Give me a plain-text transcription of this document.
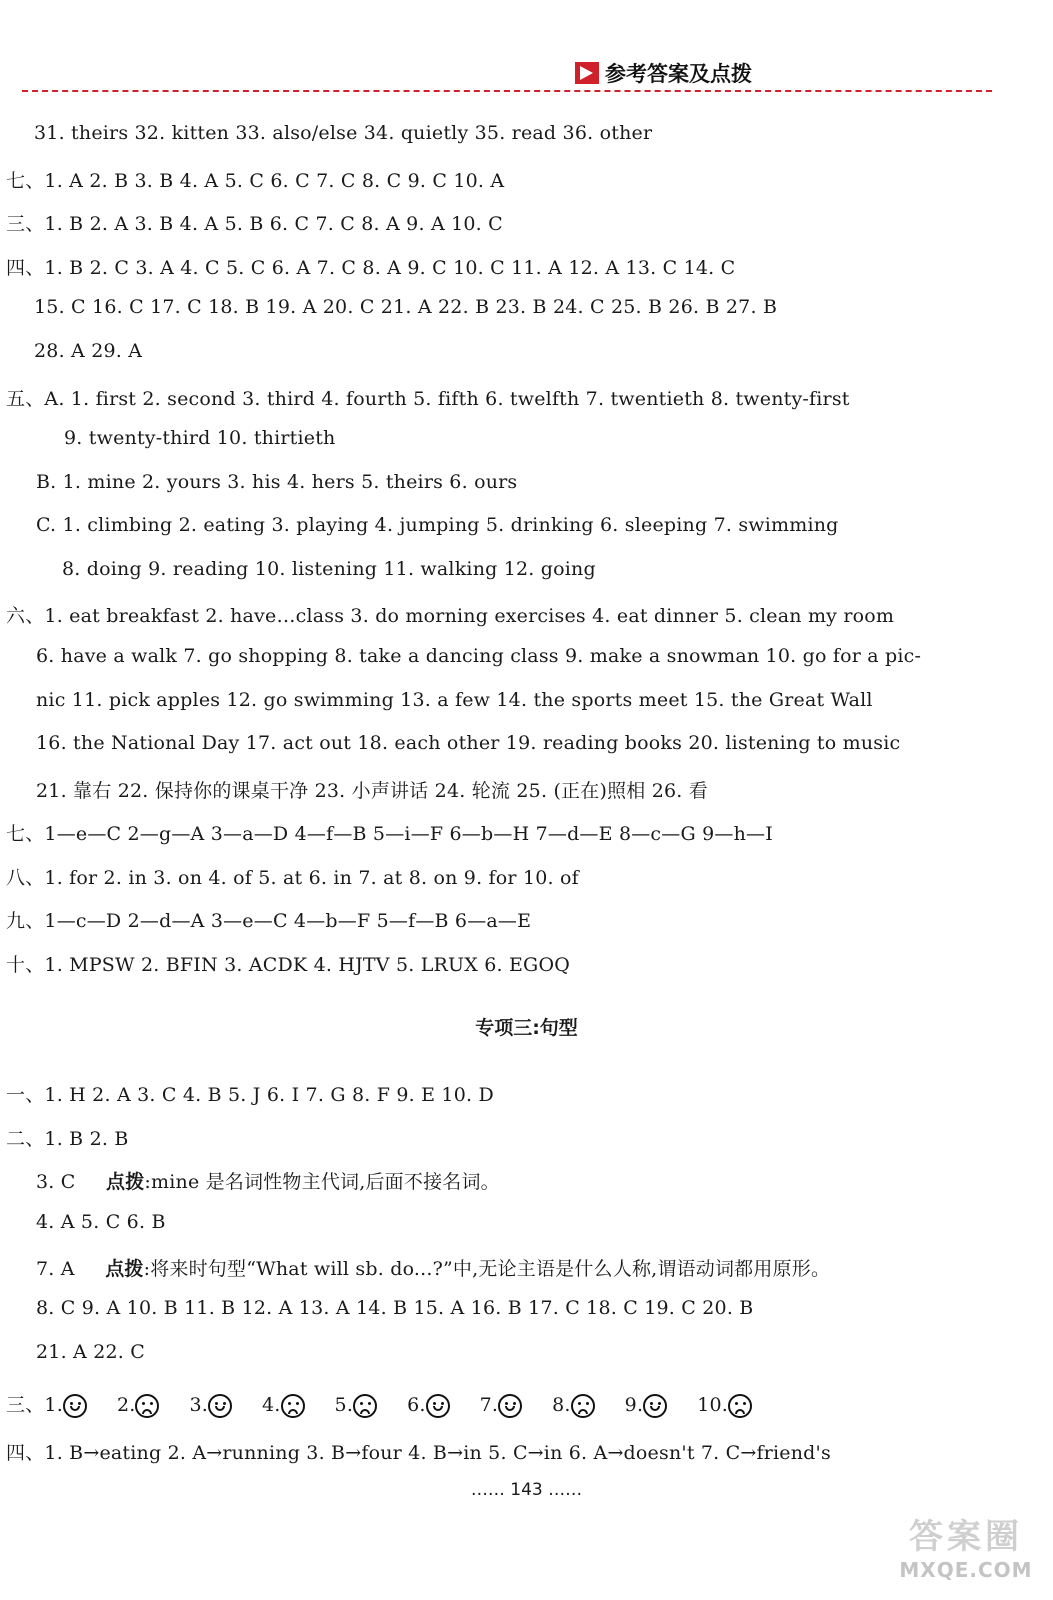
参考答案及点拨
31. theirs 32. kitten 33. also/else 34. quietly 35. read 36. other
七、1. A 2. B 3. B 4. A 5. C 6. C 7. C 8. C 9. C 10. A
三、1. B 2. A 3. B 4. A 5. B 6. C 7. C 8. A 9. A 10. C
四、1. B 2. C 3. A 4. C 5. C 6. A 7. C 8. A 9. C 10. C 11. A 12. A 13. C 14. C
15. C 16. C 17. C 18. B 19. A 20. C 21. A 22. B 23. B 24. C 25. B 26. B 27. B
28. A 29. A
五、A. 1. first 2. second 3. third 4. fourth 5. fifth 6. twelfth 7. twentieth 8. twenty-first
9. twenty-third 10. thirtieth
B. 1. mine 2. yours 3. his 4. hers 5. theirs 6. ours
C. 1. climbing 2. eating 3. playing 4. jumping 5. drinking 6. sleeping 7. swimming
8. doing 9. reading 10. listening 11. walking 12. going
六、1. eat breakfast 2. have…class 3. do morning exercises 4. eat dinner 5. clean my room
6. have a walk 7. go shopping 8. take a dancing class 9. make a snowman 10. go for a pic-
nic 11. pick apples 12. go swimming 13. a few 14. the sports meet 15. the Great Wall
16. the National Day 17. act out 18. each other 19. reading books 20. listening to music
21. 靠右 22. 保持你的课桌干净 23. 小声讲话 24. 轮流 25. (正在)照相 26. 看
七、1—e—C 2—g—A 3—a—D 4—f—B 5—i—F 6—b—H 7—d—E 8—c—G 9—h—I
八、1. for 2. in 3. on 4. of 5. at 6. in 7. at 8. on 9. for 10. of
九、1—c—D 2—d—A 3—e—C 4—b—F 5—f—B 6—a—E
十、1. MPSW 2. BFIN 3. ACDK 4. HJTV 5. LRUX 6. EGOQ
专项三:句型
一、1. H 2. A 3. C 4. B 5. J 6. I 7. G 8. F 9. E 10. D
二、1. B 2. B
3. C 点拨:mine 是名词性物主代词,后面不接名词。
4. A 5. C 6. B
7. A 点拨:将来时句型“What will sb. do...?”中,无论主语是什么人称,谓语动词都用原形。
8. C 9. A 10. B 11. B 12. A 13. A 14. B 15. A 16. B 17. C 18. C 19. C 20. B
21. A 22. C
三、1.	2.	3.	4.	5.	6.	7.	8.	9.	10.
四、1. B→eating 2. A→running 3. B→four 4. B→in 5. C→in 6. A→doesn't 7. C→friend's
…… 143 ……
答案圈
MXQE.COM
